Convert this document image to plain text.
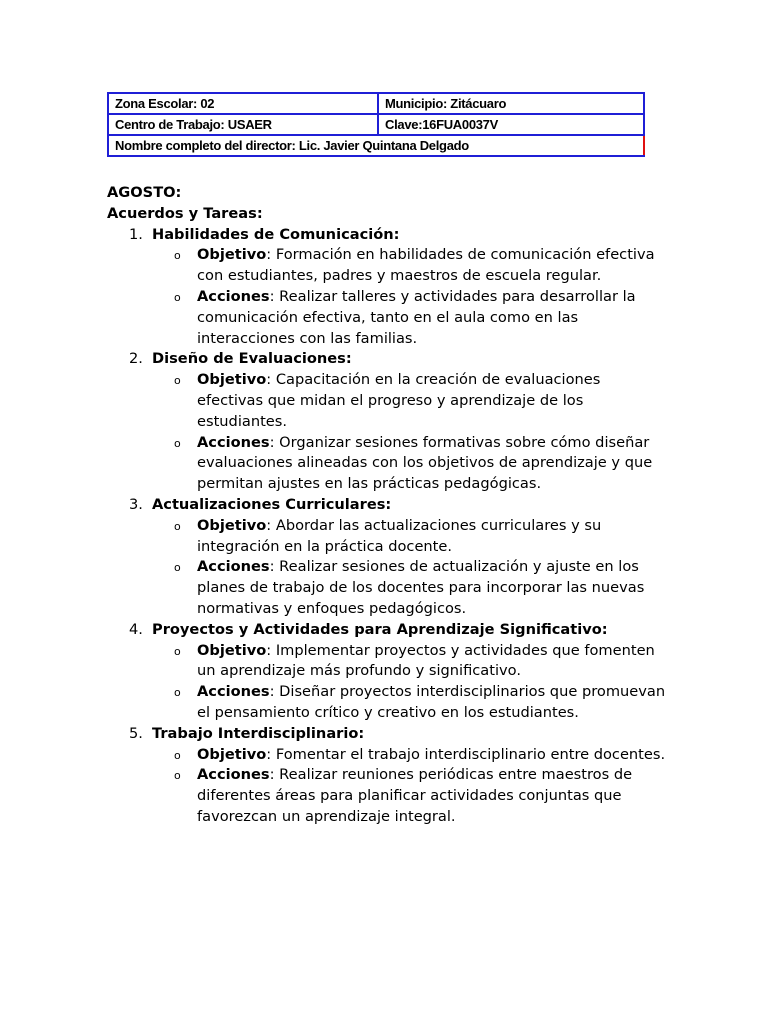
Zona Escolar: 02	Municipio: Zitácuaro
Centro de Trabajo: USAER	Clave:16FUA0037V
Nombre completo del director: Lic. Javier Quintana Delgado	

AGOSTO:

Acuerdos y Tareas:

1. Habilidades de Comunicación:
o Objetivo: Formación en habilidades de comunicación efectiva con estudiantes, padres y maestros de escuela regular.
o Acciones: Realizar talleres y actividades para desarrollar la comunicación efectiva, tanto en el aula como en las interacciones con las familias.
2. Diseño de Evaluaciones:
o Objetivo: Capacitación en la creación de evaluaciones efectivas que midan el progreso y aprendizaje de los estudiantes.
o Acciones: Organizar sesiones formativas sobre cómo diseñar evaluaciones alineadas con los objetivos de aprendizaje y que permitan ajustes en las prácticas pedagógicas.
3. Actualizaciones Curriculares:
o Objetivo: Abordar las actualizaciones curriculares y su integración en la práctica docente.
o Acciones: Realizar sesiones de actualización y ajuste en los planes de trabajo de los docentes para incorporar las nuevas normativas y enfoques pedagógicos.
4. Proyectos y Actividades para Aprendizaje Significativo:
o Objetivo: Implementar proyectos y actividades que fomenten un aprendizaje más profundo y significativo.
o Acciones: Diseñar proyectos interdisciplinarios que promuevan el pensamiento crítico y creativo en los estudiantes.
5. Trabajo Interdisciplinario:
o Objetivo: Fomentar el trabajo interdisciplinario entre docentes.
o Acciones: Realizar reuniones periódicas entre maestros de diferentes áreas para planificar actividades conjuntas que favorezcan un aprendizaje integral.
